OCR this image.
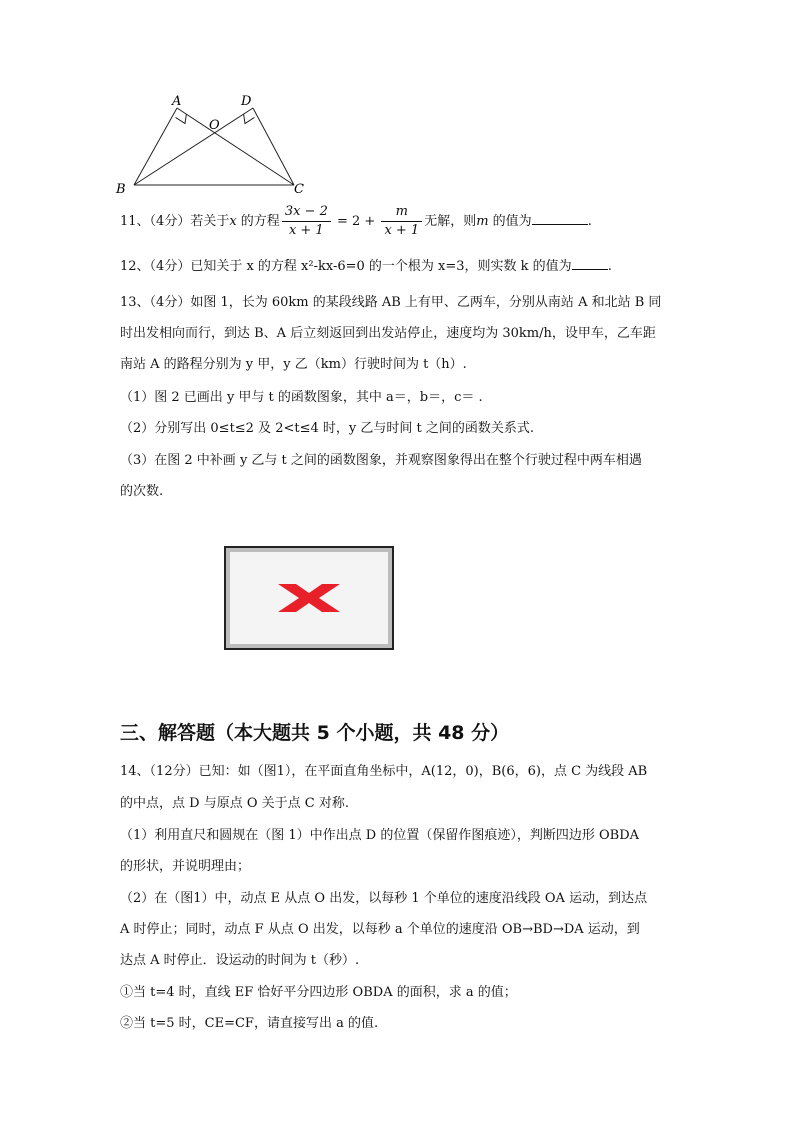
A	D
O
B	C
11、（4分）若关于x 的方程 $\frac{3x - 2}{x + 1} = 2 + \frac{m}{x + 1}$ 无解，则m 的值为	.
12、（4分）已知关于 x 的方程 x²-kx-6=0 的一个根为 x=3，则实数 k 的值为	.
13、（4分）如图 1，长为 60km 的某段线路 AB 上有甲、乙两车，分别从南站 A 和北站 B 同
时出发相向而行，到达 B、A 后立刻返回到出发站停止，速度均为 30km/h，设甲车，乙车距
南站 A 的路程分别为 y 甲，y 乙（km）行驶时间为 t（h）.
（1）图 2 已画出 y 甲与 t 的函数图象，其中 a＝，b＝，c＝ .
（2）分别写出 0≤t≤2 及 2<t≤4 时，y 乙与时间 t 之间的函数关系式.
（3）在图 2 中补画 y 乙与 t 之间的函数图象，并观察图象得出在整个行驶过程中两车相遇
的次数.
三、解答题（本大题共 5 个小题，共 48 分）
14、（12分）已知：如（图1），在平面直角坐标中，A(12，0)，B(6，6)，点 C 为线段 AB
的中点，点 D 与原点 O 关于点 C 对称.
（1）利用直尺和圆规在（图 1）中作出点 D 的位置（保留作图痕迹），判断四边形 OBDA
的形状，并说明理由；
（2）在（图1）中，动点 E 从点 O 出发，以每秒 1 个单位的速度沿线段 OA 运动，到达点
A 时停止；同时，动点 F 从点 O 出发，以每秒 a 个单位的速度沿 OB→BD→DA 运动，到
达点 A 时停止．设运动的时间为 t（秒）.
①当 t=4 时，直线 EF 恰好平分四边形 OBDA 的面积，求 a 的值；
②当 t=5 时，CE=CF，请直接写出 a 的值.
